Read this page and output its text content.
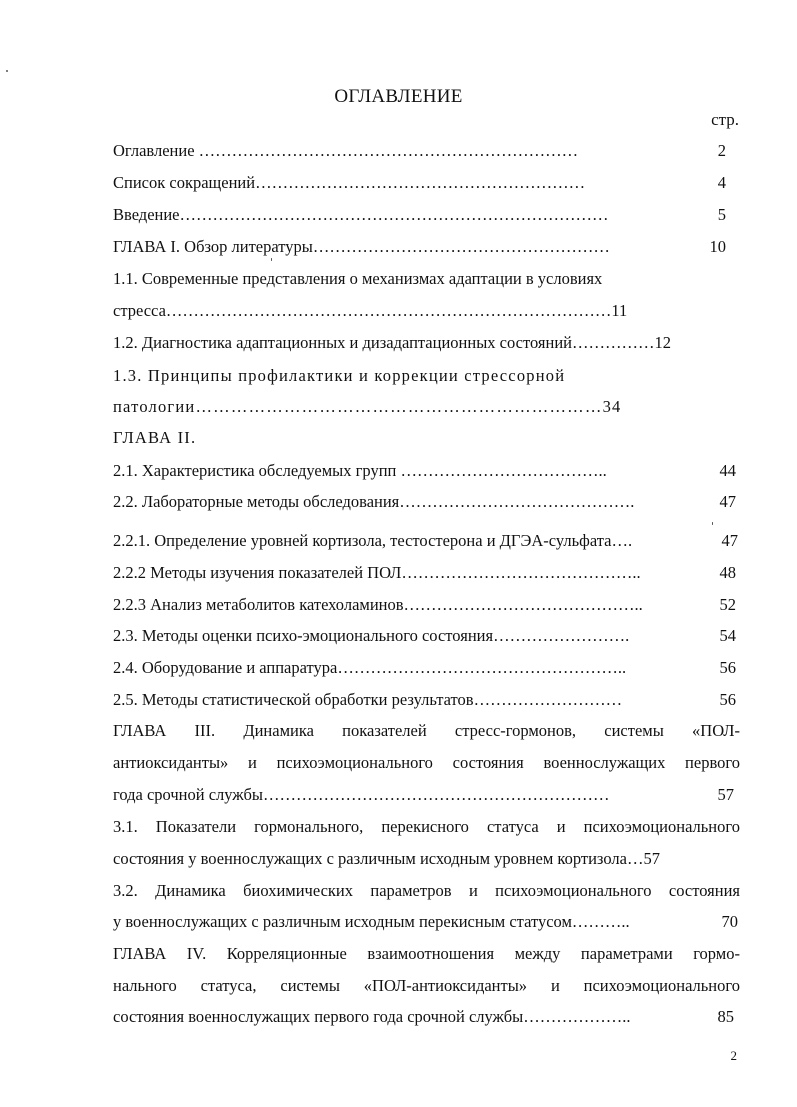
ОГЛАВЛЕНИЕ
стр.
Оглавление ……………………………………………………………	2
Список сокращений……………………………………………………	4
Введение……………………………………………………………………	5
ГЛАВА I. Обзор литературы………………………………………………	10
1.1. Современные представления о механизмах адаптации в условиях
стресса………………………………………………………………………11
1.2. Диагностика адаптационных и дизадаптационных состояний……………12
1.3. Принципы профилактики и коррекции стрессорной
патологии……………………………………………………………34
ГЛАВА II.
2.1. Характеристика обследуемых групп ………………………………..	44
2.2. Лабораторные методы обследования…………………………………….	47
2.2.1. Определение уровней кортизола, тестостерона и ДГЭА-сульфата….	47
2.2.2 Методы изучения показателей ПОЛ……………………………………..	48
2.2.3 Анализ метаболитов катехоламинов……………………………………..	52
2.3. Методы оценки психо-эмоционального состояния…………………….	54
2.4. Оборудование и аппаратура……………………………………………..	56
2.5. Методы статистической обработки результатов………………………	56
ГЛАВА III. Динамика показателей стресс-гормонов, системы «ПОЛ-
антиоксиданты» и психоэмоционального состояния военнослужащих первого
года срочной службы………………………………………………………	57
3.1. Показатели гормонального, перекисного статуса и психоэмоционального
состояния у военнослужащих с различным исходным уровнем кортизола…57
3.2. Динамика биохимических параметров и психоэмоционального состояния
у военнослужащих с различным исходным перекисным статусом………..	70
ГЛАВА IV. Корреляционные взаимоотношения между параметрами гормо-
нального статуса, системы «ПОЛ-антиоксиданты» и психоэмоционального
состояния военнослужащих первого года срочной службы………………..	85
2
